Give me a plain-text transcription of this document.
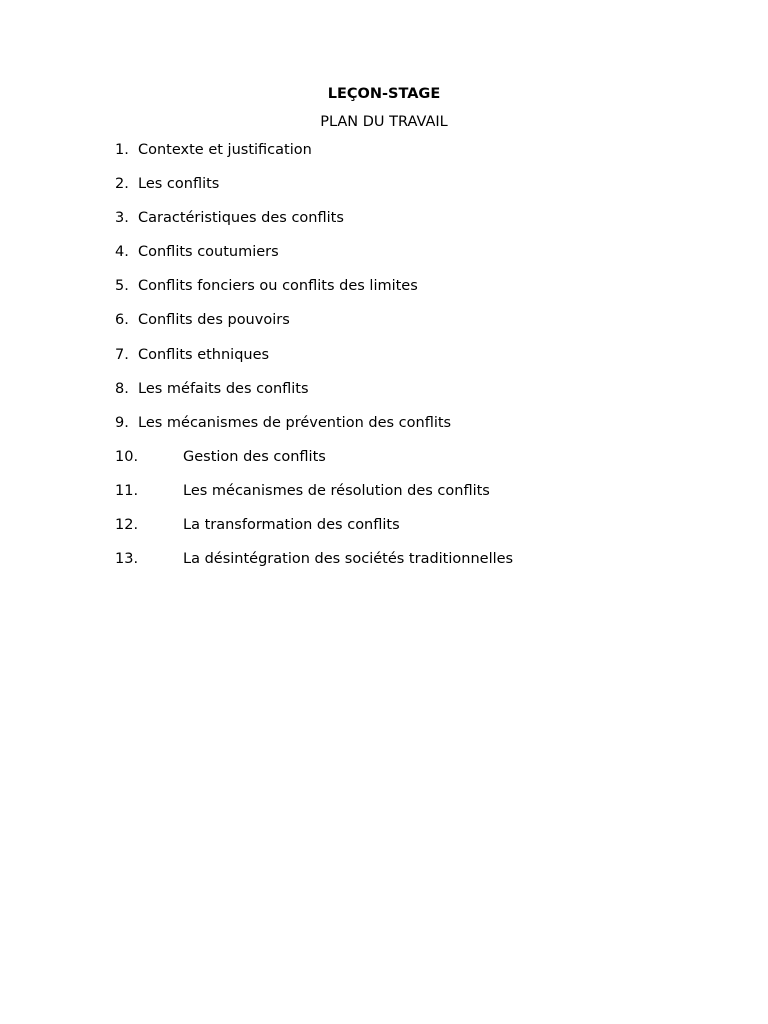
LEÇON-STAGE
PLAN DU TRAVAIL
1. Contexte et justification
2. Les conflits
3. Caractéristiques des conflits
4. Conflits coutumiers
5. Conflits fonciers ou conflits des limites
6. Conflits des pouvoirs
7. Conflits ethniques
8. Les méfaits des conflits
9. Les mécanismes de prévention des conflits
10.	Gestion des conflits
11.	Les mécanismes de résolution des conflits
12.	La transformation des conflits
13.	La désintégration des sociétés traditionnelles
